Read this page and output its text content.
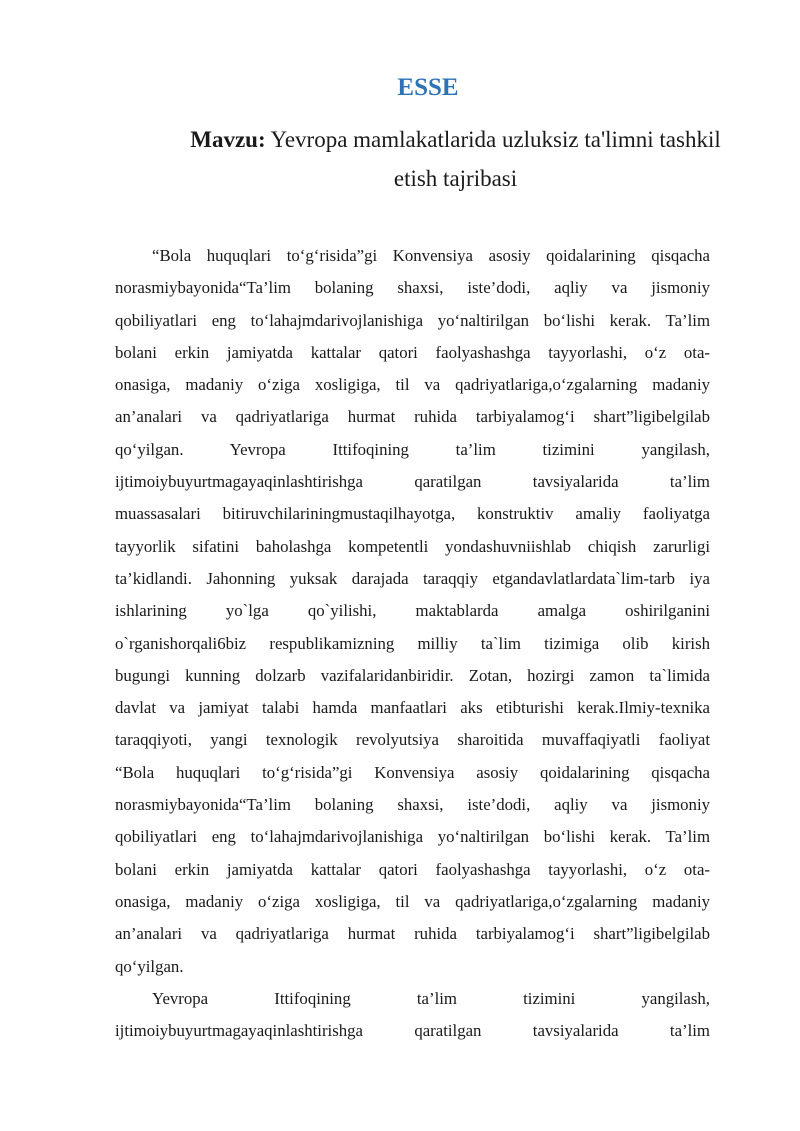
ESSE

Mavzu: Yevropa mamlakatlarida uzluksiz ta'limni tashkil etish tajribasi

“Bola huquqlari to‘g‘risida”gi Konvensiya asosiy qoidalarining qisqacha
norasmiybayonida“Ta’lim bolaning shaxsi, iste’dodi, aqliy va jismoniy
qobiliyatlari eng to‘lahajmdarivojlanishiga yo‘naltirilgan bo‘lishi kerak. Ta’lim
bolani erkin jamiyatda kattalar qatori faolyashashga tayyorlashi, o‘z ota-
onasiga, madaniy o‘ziga xosligiga, til va qadriyatlariga,o‘zgalarning madaniy
an’analari va qadriyatlariga hurmat ruhida tarbiyalamog‘i shart”ligibelgilab
qo‘yilgan. Yevropa Ittifoqining ta’lim tizimini yangilash,
ijtimoiybuyurtmagayaqinlashtirishga qaratilgan tavsiyalarida ta’lim
muassasalari bitiruvchilariningmustaqilhayotga, konstruktiv amaliy faoliyatga
tayyorlik sifatini baholashga kompetentli yondashuvniishlab chiqish zarurligi
ta’kidlandi. Jahonning yuksak darajada taraqqiy etgandavlatlardata`lim-tarb iya
ishlarining yo`lga qo`yilishi, maktablarda amalga oshirilganini
o`rganishorqali6biz respublikamizning milliy ta`lim tizimiga olib kirish
bugungi kunning dolzarb vazifalaridanbiridir. Zotan, hozirgi zamon ta`limida
davlat va jamiyat talabi hamda manfaatlari aks etibturishi kerak.Ilmiy-texnika
taraqqiyoti, yangi texnologik revolyutsiya sharoitida muvaffaqiyatli faoliyat
“Bola huquqlari to‘g‘risida”gi Konvensiya asosiy qoidalarining qisqacha
norasmiybayonida“Ta’lim bolaning shaxsi, iste’dodi, aqliy va jismoniy
qobiliyatlari eng to‘lahajmdarivojlanishiga yo‘naltirilgan bo‘lishi kerak. Ta’lim
bolani erkin jamiyatda kattalar qatori faolyashashga tayyorlashi, o‘z ota-
onasiga, madaniy o‘ziga xosligiga, til va qadriyatlariga,o‘zgalarning madaniy
an’analari va qadriyatlariga hurmat ruhida tarbiyalamog‘i shart”ligibelgilab
qo‘yilgan.
Yevropa Ittifoqining ta’lim tizimini yangilash,
ijtimoiybuyurtmagayaqinlashtirishga qaratilgan tavsiyalarida ta’lim
